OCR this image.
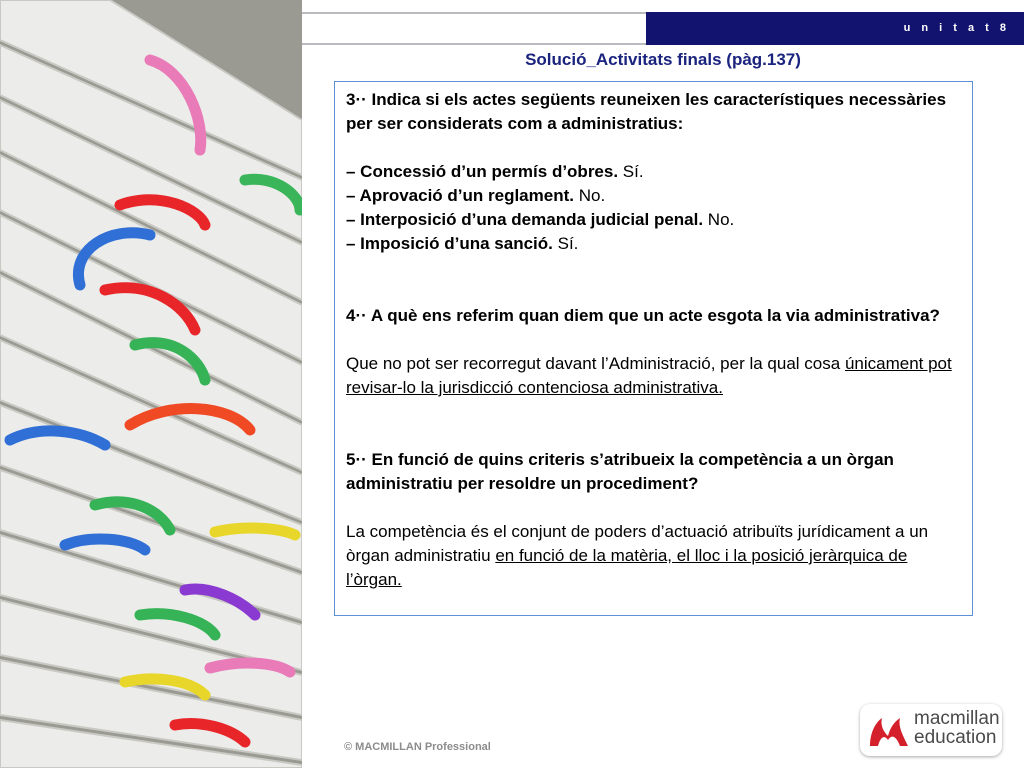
u n i t a t 8
Solució_Activitats finals (pàg.137)

3·· Indica si els actes següents reuneixen les característiques necessàries per ser considerats com a administratius:

– Concessió d’un permís d’obres. Sí.

– Aprovació d’un reglament. No.

– Interposició d’una demanda judicial penal. No.

– Imposició d’una sanció. Sí.

4·· A què ens referim quan diem que un acte esgota la via administrativa?

Que no pot ser recorregut davant l’Administració, per la qual cosa únicament pot revisar-lo la jurisdicció contenciosa administrativa.

5·· En funció de quins criteris s’atribueix la competència a un òrgan administratiu per resoldre un procediment?

La competència és el conjunt de poders d’actuació atribuïts jurídicament a un òrgan administratiu en funció de la matèria, el lloc i la posició jeràrquica de l’òrgan.

© MACMILLAN Professional
macmillan
education
